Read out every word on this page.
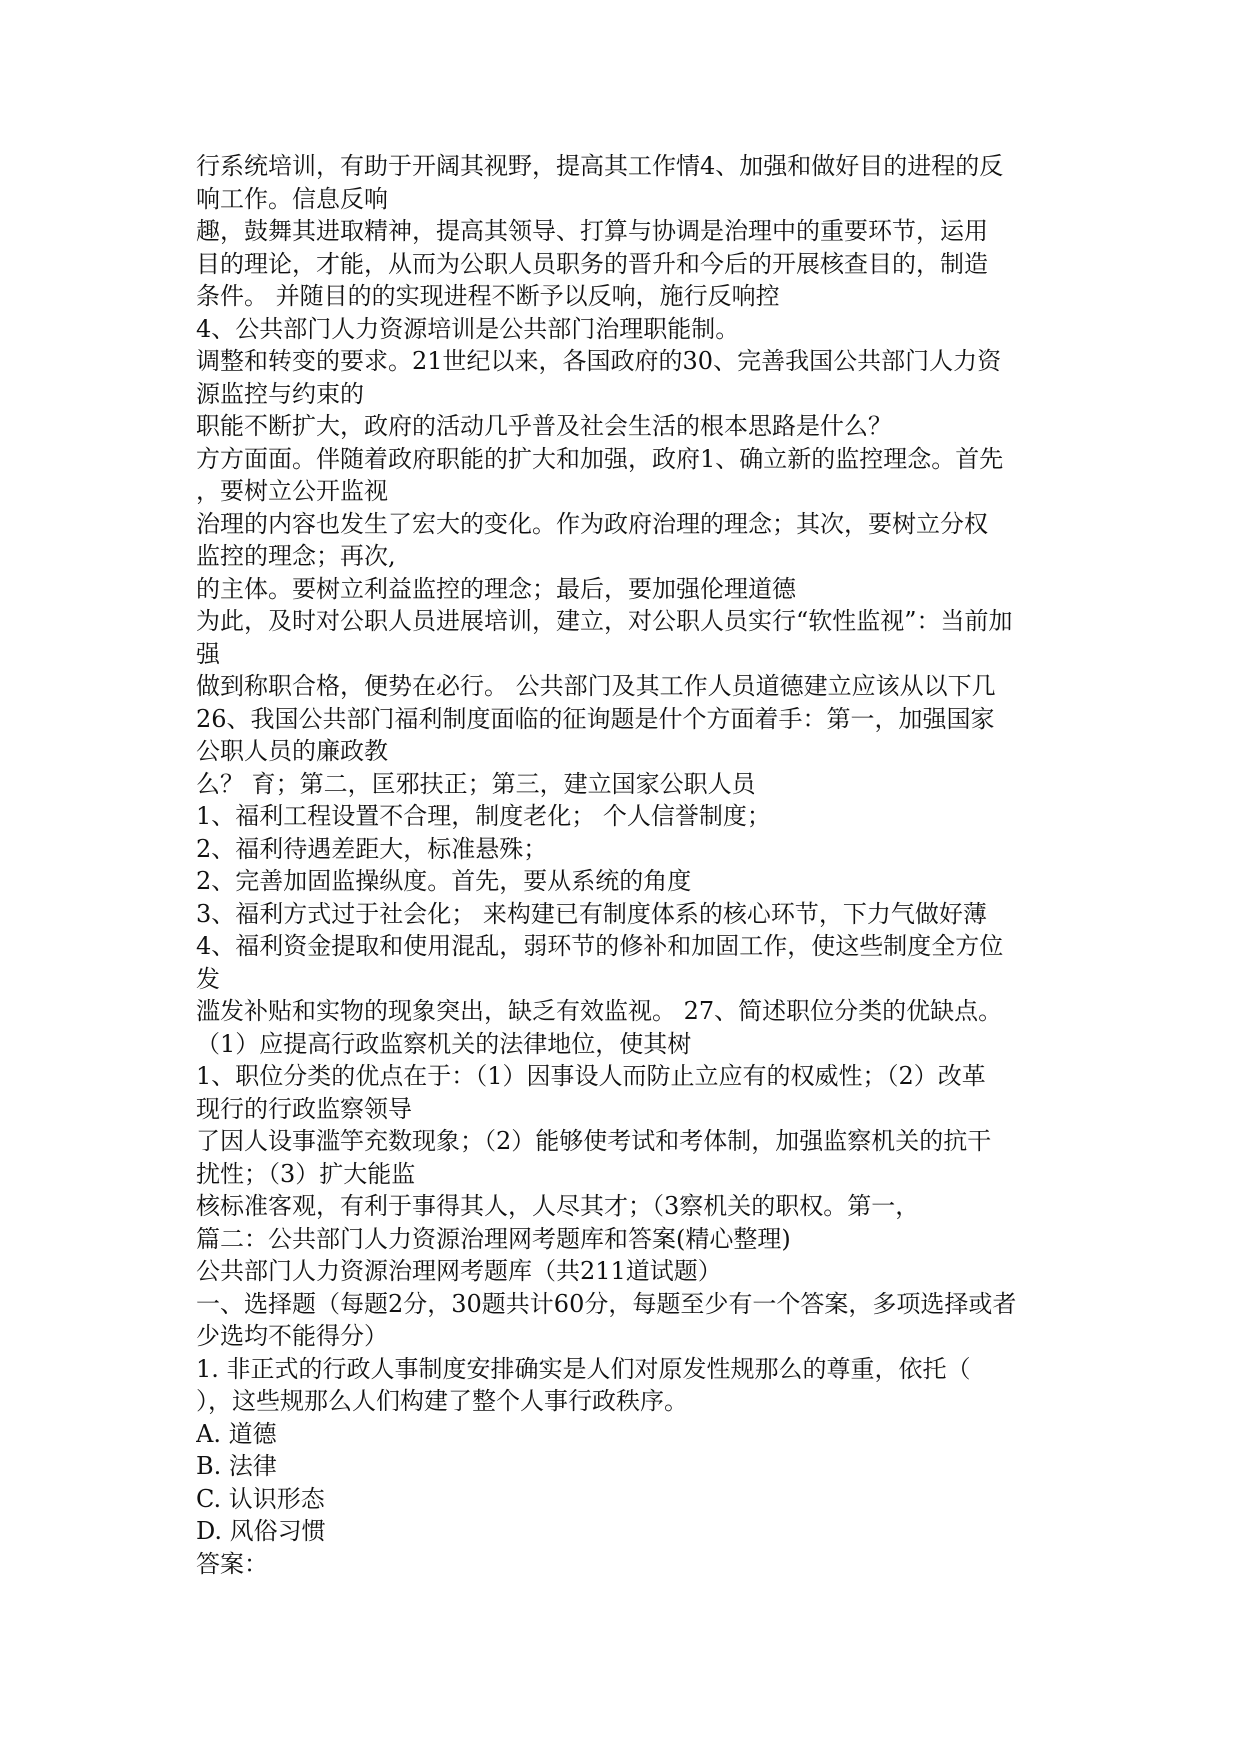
行系统培训，有助于开阔其视野，提高其工作情4、加强和做好目的进程的反
响工作。信息反响
趣，鼓舞其进取精神，提高其领导、打算与协调是治理中的重要环节，运用
目的理论，才能，从而为公职人员职务的晋升和今后的开展核查目的，制造
条件。 并随目的的实现进程不断予以反响，施行反响控
4、公共部门人力资源培训是公共部门治理职能制。
调整和转变的要求。21世纪以来，各国政府的30、完善我国公共部门人力资
源监控与约束的
职能不断扩大，政府的活动几乎普及社会生活的根本思路是什么？
方方面面。伴随着政府职能的扩大和加强，政府1、确立新的监控理念。首先
，要树立公开监视
治理的内容也发生了宏大的变化。作为政府治理的理念；其次，要树立分权
监控的理念；再次,
的主体。要树立利益监控的理念；最后，要加强伦理道德
为此，及时对公职人员进展培训，建立，对公职人员实行“软性监视”：当前加
强
做到称职合格，便势在必行。 公共部门及其工作人员道德建立应该从以下几
26、我国公共部门福利制度面临的征询题是什个方面着手：第一，加强国家
公职人员的廉政教
么？ 育；第二，匡邪扶正；第三，建立国家公职人员
1、福利工程设置不合理，制度老化； 个人信誉制度；
2、福利待遇差距大，标准悬殊；
2、完善加固监操纵度。首先，要从系统的角度
3、福利方式过于社会化； 来构建已有制度体系的核心环节，下力气做好薄
4、福利资金提取和使用混乱，弱环节的修补和加固工作，使这些制度全方位
发
滥发补贴和实物的现象突出，缺乏有效监视。 27、简述职位分类的优缺点。
（1）应提高行政监察机关的法律地位，使其树
1、职位分类的优点在于：（1）因事设人而防止立应有的权威性；（2）改革
现行的行政监察领导
了因人设事滥竽充数现象；（2）能够使考试和考体制，加强监察机关的抗干
扰性；（3）扩大能监
核标准客观，有利于事得其人，人尽其才；（3察机关的职权。第一，
篇二：公共部门人力资源治理网考题库和答案(精心整理)
公共部门人力资源治理网考题库（共211道试题）
一、选择题（每题2分，30题共计60分，每题至少有一个答案，多项选择或者
少选均不能得分）
1. 非正式的行政人事制度安排确实是人们对原发性规那么的尊重，依托（
），这些规那么人们构建了整个人事行政秩序。
A. 道德
B. 法律
C. 认识形态
D. 风俗习惯
答案：
